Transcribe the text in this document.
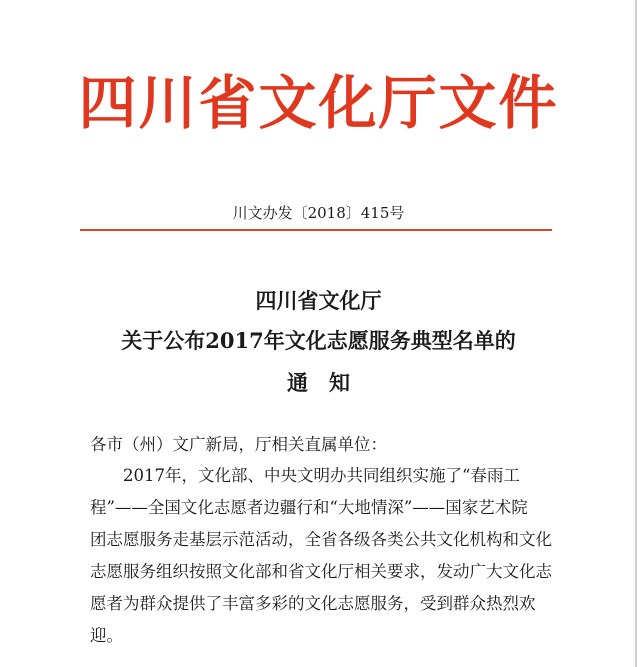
四川省文化厅文件
川文办发〔2018〕415号
四川省文化厅
关于公布2017年文化志愿服务典型名单的
通　知
各市（州）文广新局，厅相关直属单位：
　　2017年，文化部、中央文明办共同组织实施了“春雨工
程”——全国文化志愿者边疆行和“大地情深”——国家艺术院
团志愿服务走基层示范活动，全省各级各类公共文化机构和文化
志愿服务组织按照文化部和省文化厅相关要求，发动广大文化志
愿者为群众提供了丰富多彩的文化志愿服务，受到群众热烈欢
迎。
